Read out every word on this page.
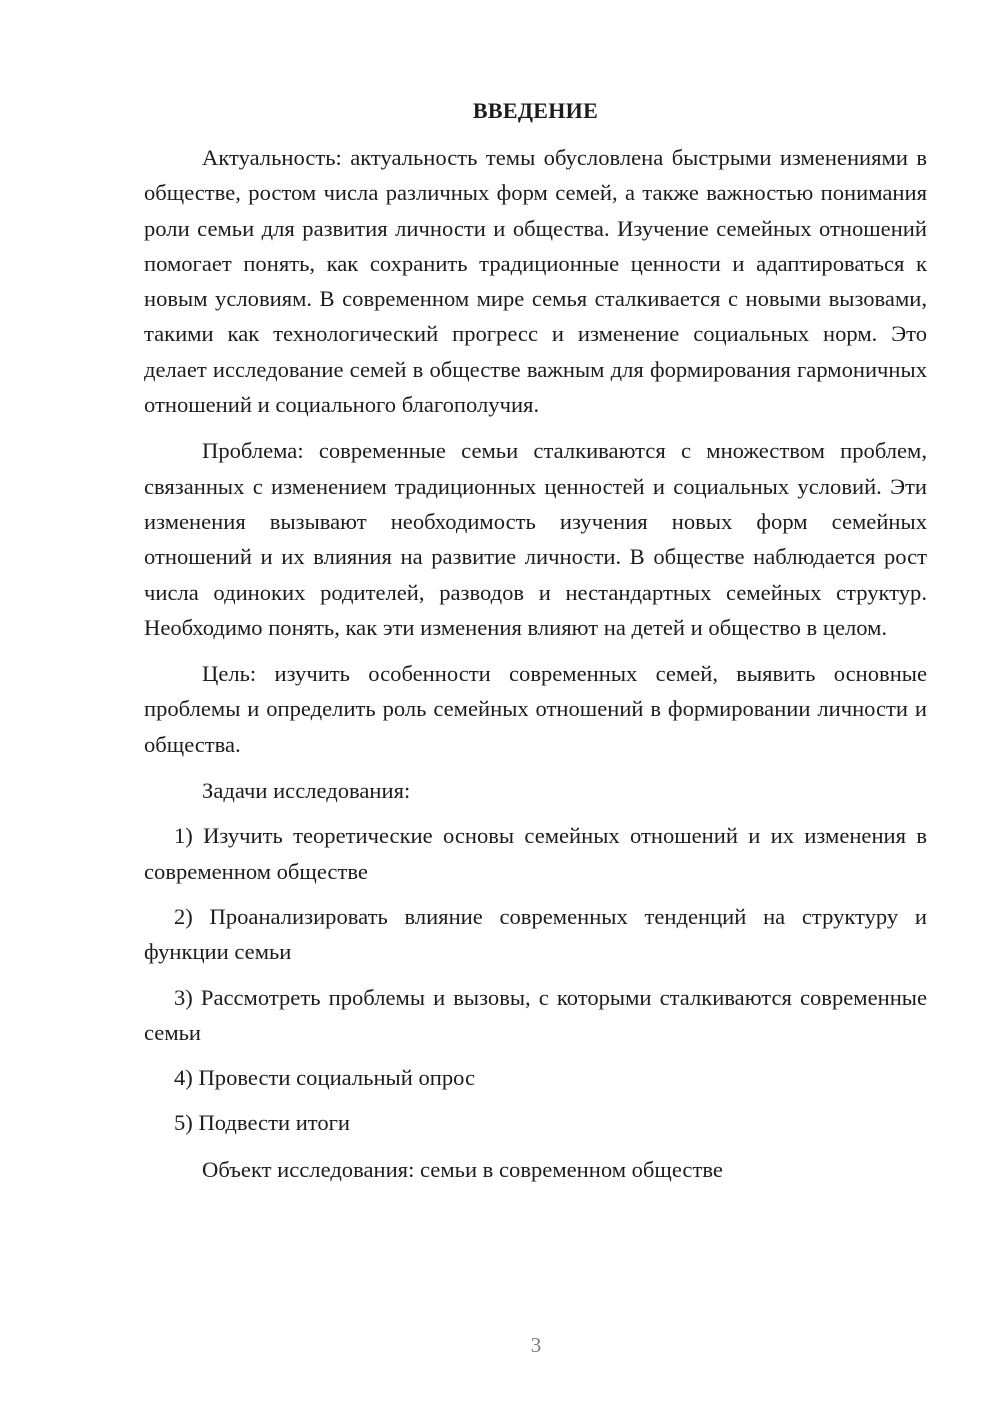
ВВЕДЕНИЕ

Актуальность: актуальность темы обусловлена быстрыми изменениями в обществе, ростом числа различных форм семей, а также важностью понимания роли семьи для развития личности и общества. Изучение семейных отношений помогает понять, как сохранить традиционные ценности и адаптироваться к новым условиям. В современном мире семья сталкивается с новыми вызовами, такими как технологический прогресс и изменение социальных норм. Это делает исследование семей в обществе важным для формирования гармоничных отношений и социального благополучия.

Проблема: современные семьи сталкиваются с множеством проблем, связанных с изменением традиционных ценностей и социальных условий. Эти изменения вызывают необходимость изучения новых форм семейных отношений и их влияния на развитие личности. В обществе наблюдается рост числа одиноких родителей, разводов и нестандартных семейных структур. Необходимо понять, как эти изменения влияют на детей и общество в целом.

Цель: изучить особенности современных семей, выявить основные проблемы и определить роль семейных отношений в формировании личности и общества.

Задачи исследования:

1) Изучить теоретические основы семейных отношений и их изменения в современном обществе

2) Проанализировать влияние современных тенденций на структуру и функции семьи

3) Рассмотреть проблемы и вызовы, с которыми сталкиваются современные семьи

4) Провести социальный опрос

5) Подвести итоги

Объект исследования: семьи в современном обществе

3
